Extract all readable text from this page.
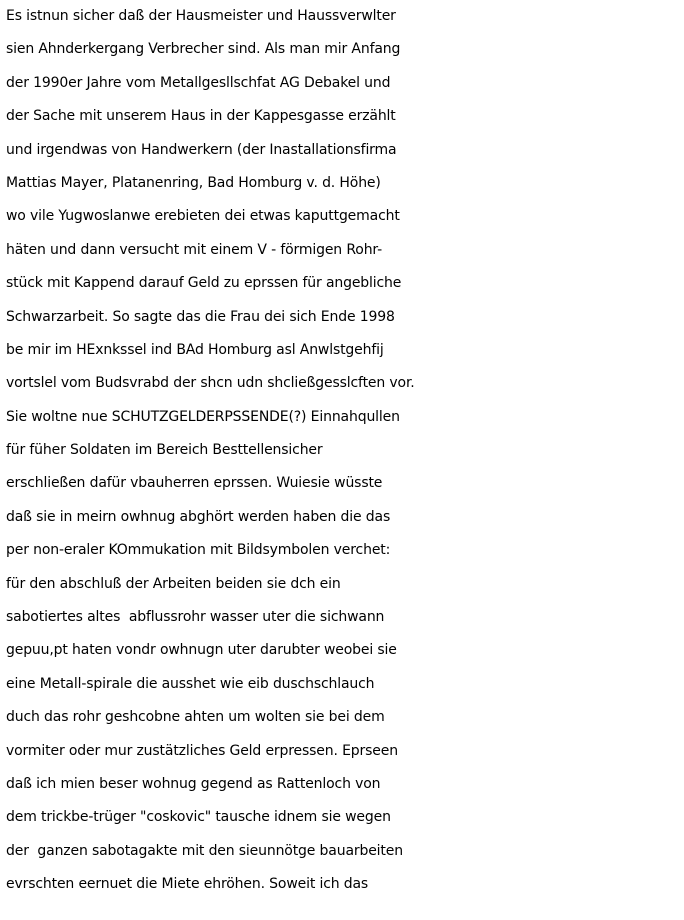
Es istnun sicher daß der Hausmeister und Haussverwlter
sien Ahnderkergang Verbrecher sind. Als man mir Anfang
der 1990er Jahre vom Metallgesllschfat AG Debakel und
der Sache mit unserem Haus in der Kappesgasse erzählt
und irgendwas von Handwerkern (der Inastallationsfirma
Mattias Mayer, Platanenring, Bad Homburg v. d. Höhe)
wo vile Yugwoslanwe erebieten dei etwas kaputtgemacht
häten und dann versucht mit einem V - förmigen Rohr-
stück mit Kappend darauf Geld zu eprssen für angebliche
Schwarzarbeit. So sagte das die Frau dei sich Ende 1998
be mir im HExnkssel ind BAd Homburg asl Anwlstgehfij
vortslel vom Budsvrabd der shcn udn shcließgesslcften vor.
Sie woltne nue SCHUTZGELDERPSSENDE(?) Einnahqullen
für füher Soldaten im Bereich Besttellensicher
erschließen dafür vbauherren eprssen. Wuiesie wüsste
daß sie in meirn owhnug abghört werden haben die das
per non-eraler KOmmukation mit Bildsymbolen verchet:
für den abschluß der Arbeiten beiden sie dch ein
sabotiertes altes  abflussrohr wasser uter die sichwann
gepuu,pt haten vondr owhnugn uter darubter weobei sie
eine Metall-spirale die ausshet wie eib duschschlauch
duch das rohr geshcobne ahten um wolten sie bei dem
vormiter oder mur zustätzliches Geld erpressen. Eprseen
daß ich mien beser wohnug gegend as Rattenloch von
dem trickbe-trüger "coskovic" tausche idnem sie wegen
der  ganzen sabotagakte mit den sieunnötge bauarbeiten
evrschten eernuet die Miete ehröhen. Soweit ich das
